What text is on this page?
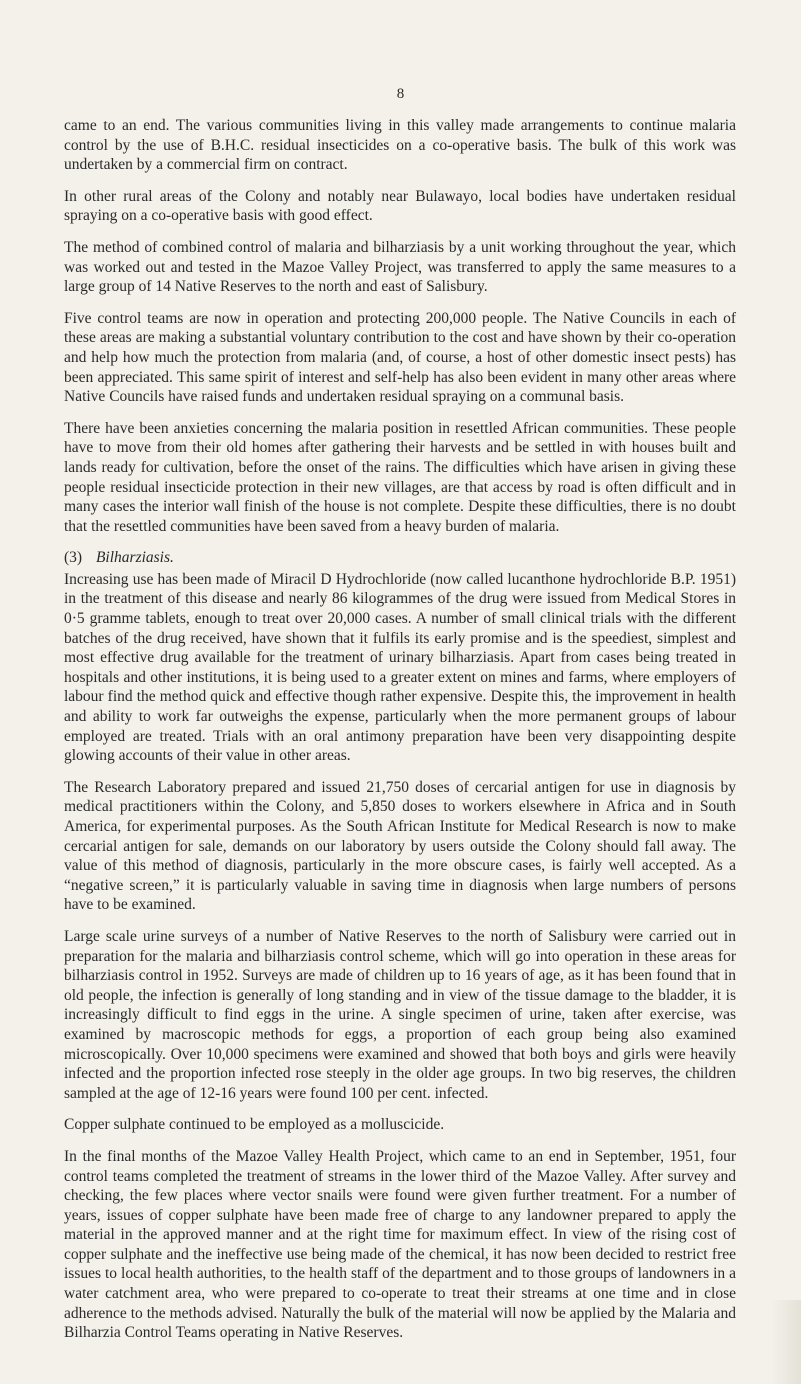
8

came to an end. The various communities living in this valley made arrangements to continue malaria control by the use of B.H.C. residual insecticides on a co-operative basis. The bulk of this work was undertaken by a commercial firm on contract.

In other rural areas of the Colony and notably near Bulawayo, local bodies have undertaken residual spraying on a co-operative basis with good effect.

The method of combined control of malaria and bilharziasis by a unit working throughout the year, which was worked out and tested in the Mazoe Valley Project, was transferred to apply the same measures to a large group of 14 Native Reserves to the north and east of Salisbury.

Five control teams are now in operation and protecting 200,000 people. The Native Councils in each of these areas are making a substantial voluntary contribution to the cost and have shown by their co-operation and help how much the protection from malaria (and, of course, a host of other domestic insect pests) has been appreciated. This same spirit of interest and self-help has also been evident in many other areas where Native Councils have raised funds and undertaken residual spraying on a communal basis.

There have been anxieties concerning the malaria position in resettled African communities. These people have to move from their old homes after gathering their harvests and be settled in with houses built and lands ready for cultivation, before the onset of the rains. The difficulties which have arisen in giving these people residual insecticide protection in their new villages, are that access by road is often difficult and in many cases the interior wall finish of the house is not complete. Despite these difficulties, there is no doubt that the resettled communities have been saved from a heavy burden of malaria.

(3) Bilharziasis.

Increasing use has been made of Miracil D Hydrochloride (now called lucanthone hydrochloride B.P. 1951) in the treatment of this disease and nearly 86 kilogrammes of the drug were issued from Medical Stores in 0·5 gramme tablets, enough to treat over 20,000 cases. A number of small clinical trials with the different batches of the drug received, have shown that it fulfils its early promise and is the speediest, simplest and most effective drug available for the treatment of urinary bilharziasis. Apart from cases being treated in hospitals and other institutions, it is being used to a greater extent on mines and farms, where employers of labour find the method quick and effective though rather expensive. Despite this, the improvement in health and ability to work far outweighs the expense, particularly when the more permanent groups of labour employed are treated. Trials with an oral antimony preparation have been very disappointing despite glowing accounts of their value in other areas.

The Research Laboratory prepared and issued 21,750 doses of cercarial antigen for use in diagnosis by medical practitioners within the Colony, and 5,850 doses to workers elsewhere in Africa and in South America, for experimental purposes. As the South African Institute for Medical Research is now to make cercarial antigen for sale, demands on our laboratory by users outside the Colony should fall away. The value of this method of diagnosis, particularly in the more obscure cases, is fairly well accepted. As a “negative screen,” it is particularly valuable in saving time in diagnosis when large numbers of persons have to be examined.

Large scale urine surveys of a number of Native Reserves to the north of Salisbury were carried out in preparation for the malaria and bilharziasis control scheme, which will go into operation in these areas for bilharziasis control in 1952. Surveys are made of children up to 16 years of age, as it has been found that in old people, the infection is generally of long standing and in view of the tissue damage to the bladder, it is increasingly difficult to find eggs in the urine. A single specimen of urine, taken after exercise, was examined by macroscopic methods for eggs, a proportion of each group being also examined microscopically. Over 10,000 specimens were examined and showed that both boys and girls were heavily infected and the proportion infected rose steeply in the older age groups. In two big reserves, the children sampled at the age of 12-16 years were found 100 per cent. infected.

Copper sulphate continued to be employed as a molluscicide.

In the final months of the Mazoe Valley Health Project, which came to an end in September, 1951, four control teams completed the treatment of streams in the lower third of the Mazoe Valley. After survey and checking, the few places where vector snails were found were given further treatment. For a number of years, issues of copper sulphate have been made free of charge to any landowner prepared to apply the material in the approved manner and at the right time for maximum effect. In view of the rising cost of copper sulphate and the ineffective use being made of the chemical, it has now been decided to restrict free issues to local health authorities, to the health staff of the department and to those groups of landowners in a water catchment area, who were prepared to co-operate to treat their streams at one time and in close adherence to the methods advised. Naturally the bulk of the material will now be applied by the Malaria and Bilharzia Control Teams operating in Native Reserves.
